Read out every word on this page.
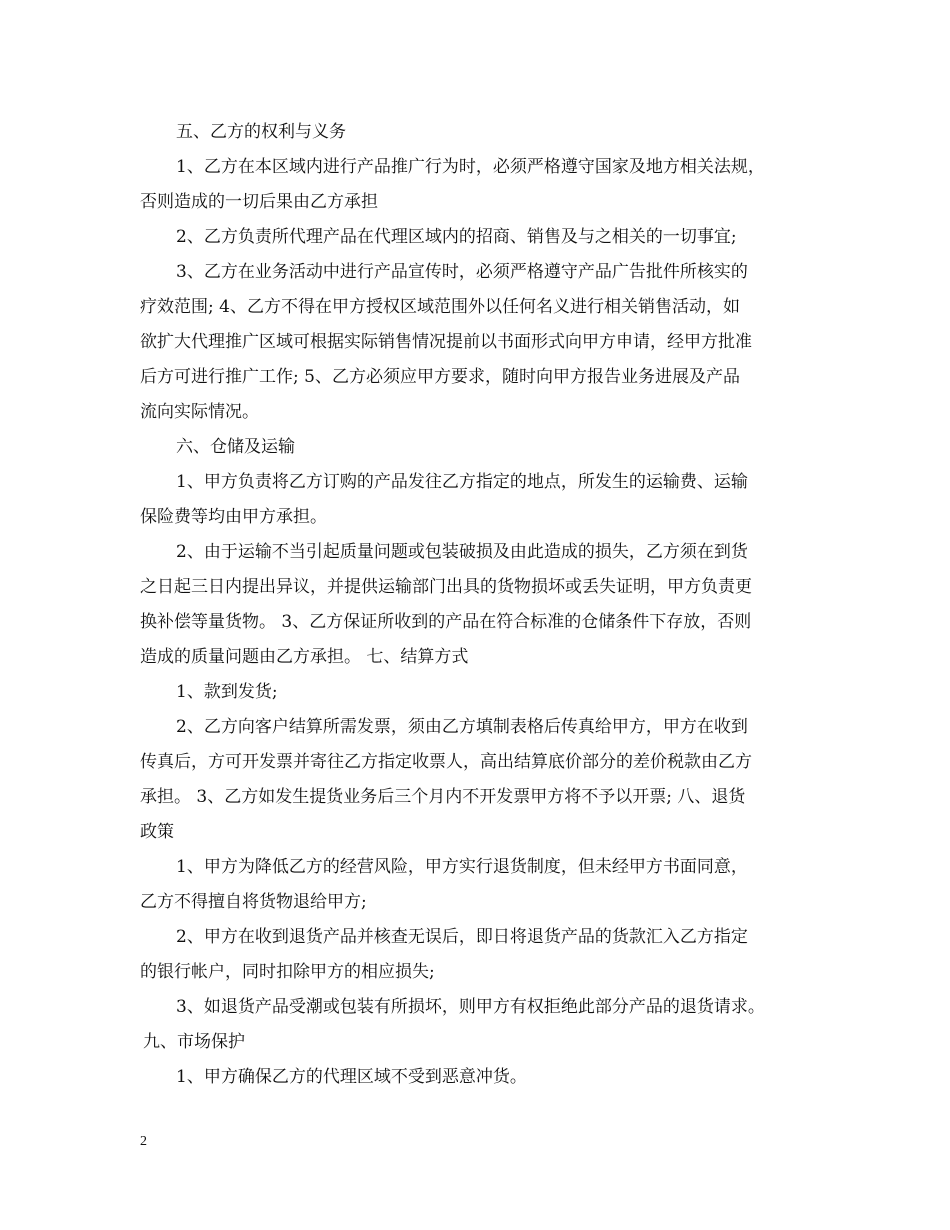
五、乙方的权利与义务
1、乙方在本区域内进行产品推广行为时，必须严格遵守国家及地方相关法规，
否则造成的一切后果由乙方承担
2、乙方负责所代理产品在代理区域内的招商、销售及与之相关的一切事宜;
3、乙方在业务活动中进行产品宣传时，必须严格遵守产品广告批件所核实的
疗效范围; 4、乙方不得在甲方授权区域范围外以任何名义进行相关销售活动，如
欲扩大代理推广区域可根据实际销售情况提前以书面形式向甲方申请，经甲方批准
后方可进行推广工作; 5、乙方必须应甲方要求，随时向甲方报告业务进展及产品
流向实际情况。
六、仓储及运输
1、甲方负责将乙方订购的产品发往乙方指定的地点，所发生的运输费、运输
保险费等均由甲方承担。
2、由于运输不当引起质量问题或包装破损及由此造成的损失，乙方须在到货
之日起三日内提出异议，并提供运输部门出具的货物损坏或丢失证明，甲方负责更
换补偿等量货物。 3、乙方保证所收到的产品在符合标准的仓储条件下存放，否则
造成的质量问题由乙方承担。 七、结算方式
1、款到发货;
2、乙方向客户结算所需发票，须由乙方填制表格后传真给甲方，甲方在收到
传真后，方可开发票并寄往乙方指定收票人，高出结算底价部分的差价税款由乙方
承担。 3、乙方如发生提货业务后三个月内不开发票甲方将不予以开票; 八、退货
政策
1、甲方为降低乙方的经营风险，甲方实行退货制度，但未经甲方书面同意，
乙方不得擅自将货物退给甲方;
2、甲方在收到退货产品并核查无误后，即日将退货产品的货款汇入乙方指定
的银行帐户，同时扣除甲方的相应损失;
3、如退货产品受潮或包装有所损坏，则甲方有权拒绝此部分产品的退货请求。
九、市场保护
1、甲方确保乙方的代理区域不受到恶意冲货。
2
